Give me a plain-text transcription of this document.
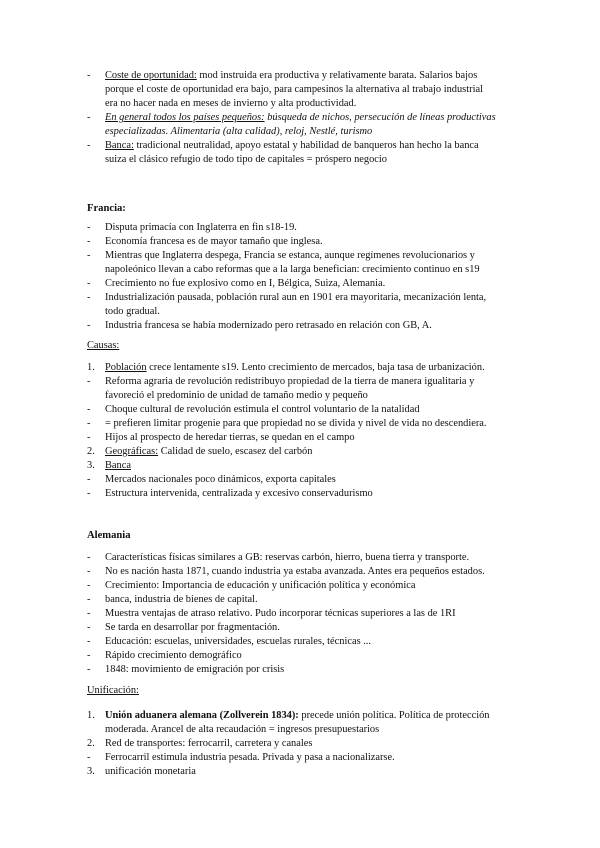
-	Coste de oportunidad: mod instruida era productiva y relativamente barata. Salarios bajos
porque el coste de oportunidad era bajo, para campesinos la alternativa al trabajo industrial
era no hacer nada en meses de invierno y alta productividad.
-	En general todos los países pequeños: búsqueda de nichos, persecución de líneas productivas
especializadas. Alimentaria (alta calidad), reloj, Nestlé, turismo
-	Banca: tradicional neutralidad, apoyo estatal y habilidad de banqueros han hecho la banca
suiza el clásico refugio de todo tipo de capitales = próspero negocio
Francia:
-	Disputa primacía con Inglaterra en fin s18-19.
-	Economía francesa es de mayor tamaño que inglesa.
-	Mientras que Inglaterra despega, Francia se estanca, aunque regímenes revolucionarios y
napoleónico llevan a cabo reformas que a la larga benefician: crecimiento continuo en s19
-	Crecimiento no fue explosivo como en I, Bélgica, Suiza, Alemania.
-	Industrialización pausada, población rural aun en 1901 era mayoritaria, mecanización lenta,
todo gradual.
-	Industria francesa se había modernizado pero retrasado en relación con GB, A.
Causas:
1. Población crece lentamente s19. Lento crecimiento de mercados, baja tasa de urbanización.
-	Reforma agraria de revolución redistribuyo propiedad de la tierra de manera igualitaria y
favoreció el predominio de unidad de tamaño medio y pequeño
-	Choque cultural de revolución estimula el control voluntario de la natalidad
-	= prefieren limitar progenie para que propiedad no se divida y nivel de vida no descendiera.
-	Hijos al prospecto de heredar tierras, se quedan en el campo
2. Geográficas: Calidad de suelo, escasez del carbón
3. Banca
-	Mercados nacionales poco dinámicos, exporta capitales
-	Estructura intervenida, centralizada y excesivo conservadurismo
Alemania
-	Características físicas similares a GB: reservas carbón, hierro, buena tierra y transporte.
-	No es nación hasta 1871, cuando industria ya estaba avanzada. Antes era pequeños estados.
-	Crecimiento: Importancia de educación y unificación política y económica
-	banca, industria de bienes de capital.
-	Muestra ventajas de atraso relativo. Pudo incorporar técnicas superiores a las de 1RI
-	Se tarda en desarrollar por fragmentación.
-	Educación: escuelas, universidades, escuelas rurales, técnicas ...
-	Rápido crecimiento demográfico
-	1848: movimiento de emigración por crisis
Unificación:
1. Unión aduanera alemana (Zollverein 1834): precede unión política. Política de protección
moderada. Arancel de alta recaudación = ingresos presupuestarios
2. Red de transportes: ferrocarril, carretera y canales
-	Ferrocarril estimula industria pesada. Privada y pasa a nacionalizarse.
3. unificación monetaria
